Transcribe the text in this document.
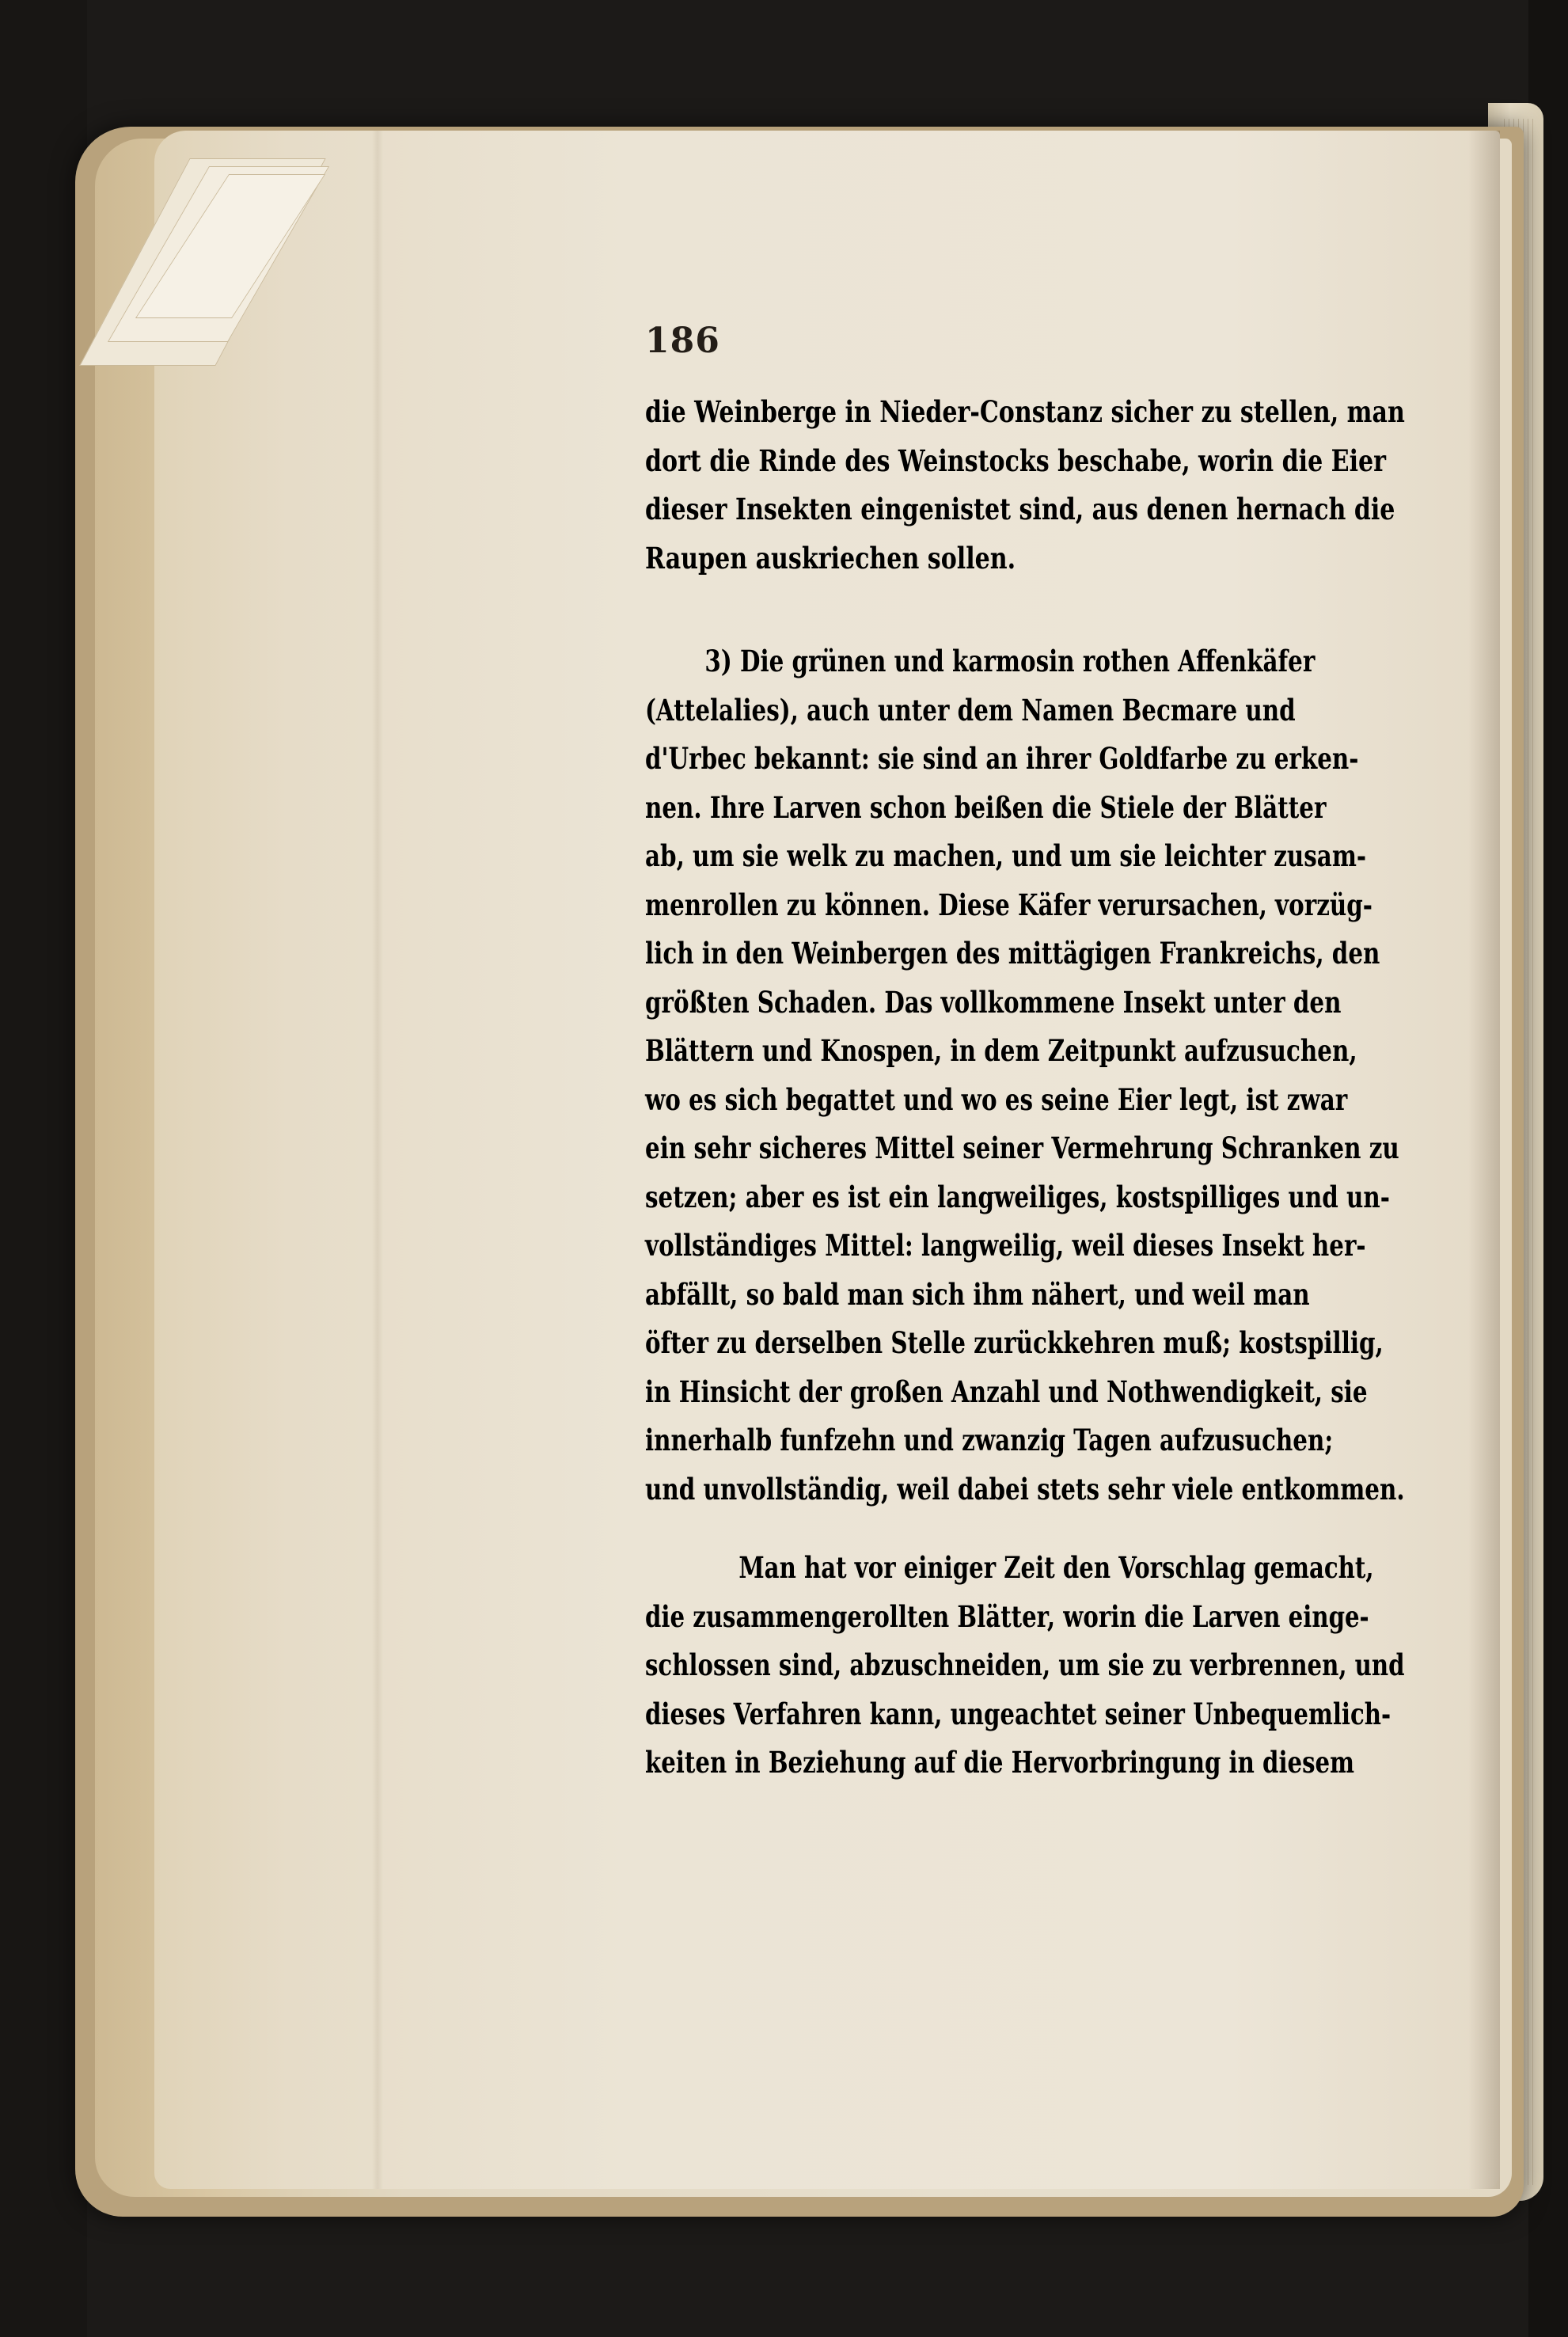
186
die Weinberge in Nieder-Constanz sicher zu stellen, man
dort die Rinde des Weinstocks beschabe, worin die Eier
dieser Insekten eingenistet sind, aus denen hernach die
Raupen auskriechen sollen.
3) Die grünen und karmosin rothen Affenkäfer
(Attelalies), auch unter dem Namen Becmare und
d'Urbec bekannt: sie sind an ihrer Goldfarbe zu erken-
nen. Ihre Larven schon beißen die Stiele der Blätter
ab, um sie welk zu machen, und um sie leichter zusam-
menrollen zu können. Diese Käfer verursachen, vorzüg-
lich in den Weinbergen des mittägigen Frankreichs, den
größten Schaden. Das vollkommene Insekt unter den
Blättern und Knospen, in dem Zeitpunkt aufzusuchen,
wo es sich begattet und wo es seine Eier legt, ist zwar
ein sehr sicheres Mittel seiner Vermehrung Schranken zu
setzen; aber es ist ein langweiliges, kostspilliges und un-
vollständiges Mittel: langweilig, weil dieses Insekt her-
abfällt, so bald man sich ihm nähert, und weil man
öfter zu derselben Stelle zurückkehren muß; kostspillig,
in Hinsicht der großen Anzahl und Nothwendigkeit, sie
innerhalb funfzehn und zwanzig Tagen aufzusuchen;
und unvollständig, weil dabei stets sehr viele entkommen.
Man hat vor einiger Zeit den Vorschlag gemacht,
die zusammengerollten Blätter, worin die Larven einge-
schlossen sind, abzuschneiden, um sie zu verbrennen, und
dieses Verfahren kann, ungeachtet seiner Unbequemlich-
keiten in Beziehung auf die Hervorbringung in diesem
